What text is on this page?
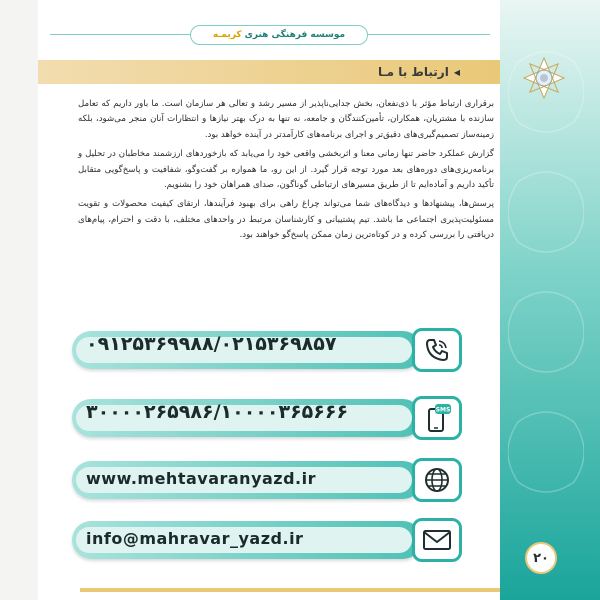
موسسه فرهنگی هنری
کریمـه
◀
ارتباط با مـا

برقراری ارتباط مؤثر با ذی‌نفعان، بخش جدایی‌ناپذیر از مسیر رشد و تعالی هر سازمان است. ما باور داریم که تعامل سازنده با مشتریان، همکاران، تأمین‌کنندگان و جامعه، نه تنها به درک بهتر نیازها و انتظارات آنان منجر می‌شود، بلکه زمینه‌ساز تصمیم‌گیری‌های دقیق‌تر و اجرای برنامه‌های کارآمدتر در آینده خواهد بود.

گزارش عملکرد حاضر تنها زمانی معنا و اثربخشی واقعی خود را می‌یابد که بازخوردهای ارزشمند مخاطبان در تحلیل و برنامه‌ریزی‌های دوره‌های بعد مورد توجه قرار گیرد. از این رو، ما همواره بر گفت‌وگو، شفافیت و پاسخ‌گویی متقابل تأکید داریم و آماده‌ایم تا از طریق مسیرهای ارتباطی گوناگون، صدای همراهان خود را بشنویم.

پرسش‌ها، پیشنهادها و دیدگاه‌های شما می‌تواند چراغ راهی برای بهبود فرآیندها، ارتقای کیفیت محصولات و تقویت مسئولیت‌پذیری اجتماعی ما باشد. تیم پشتیبانی و کارشناسان مرتبط در واحدهای مختلف، با دقت و احترام، پیام‌های دریافتی را بررسی کرده و در کوتاه‌ترین زمان ممکن پاسخ‌گو خواهند بود.

۰۹۱۲۵۳۶۹۹۸۸/۰۲۱۵۳۶۹۸۵۷
۳۰۰۰۰۲۶۵۹۸۶/۱۰۰۰۰۳۶۵۶۶۶	SMS
www.mehtavaranyazd.ir
info@mahravar_yazd.ir
۲۰
